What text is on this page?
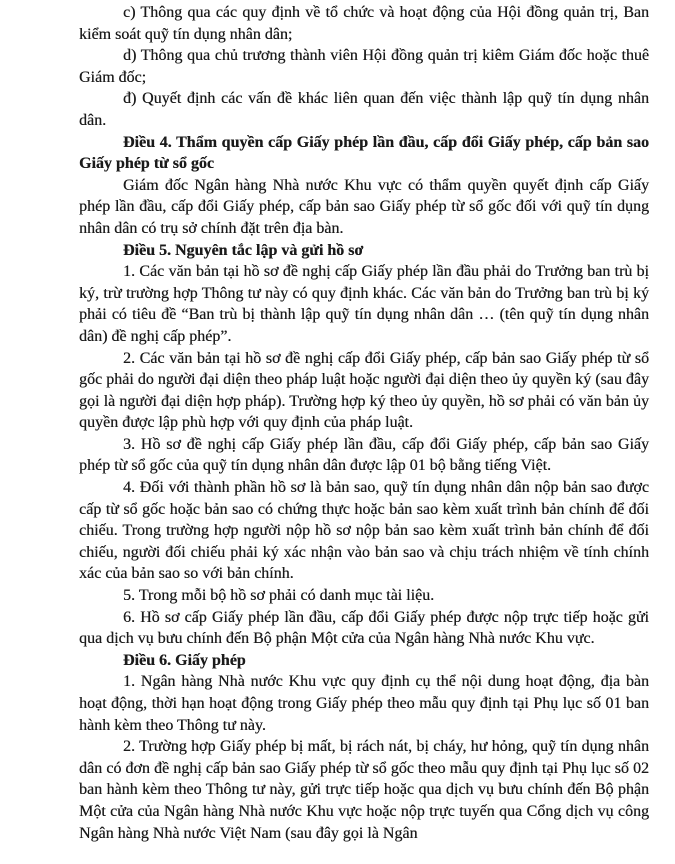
c) Thông qua các quy định về tổ chức và hoạt động của Hội đồng quản trị, Ban kiểm soát quỹ tín dụng nhân dân;

d) Thông qua chủ trương thành viên Hội đồng quản trị kiêm Giám đốc hoặc thuê Giám đốc;

đ) Quyết định các vấn đề khác liên quan đến việc thành lập quỹ tín dụng nhân dân.

Điều 4. Thẩm quyền cấp Giấy phép lần đầu, cấp đổi Giấy phép, cấp bản sao Giấy phép từ sổ gốc

Giám đốc Ngân hàng Nhà nước Khu vực có thẩm quyền quyết định cấp Giấy phép lần đầu, cấp đổi Giấy phép, cấp bản sao Giấy phép từ sổ gốc đối với quỹ tín dụng nhân dân có trụ sở chính đặt trên địa bàn.

Điều 5. Nguyên tắc lập và gửi hồ sơ

1. Các văn bản tại hồ sơ đề nghị cấp Giấy phép lần đầu phải do Trưởng ban trù bị ký, trừ trường hợp Thông tư này có quy định khác. Các văn bản do Trưởng ban trù bị ký phải có tiêu đề “Ban trù bị thành lập quỹ tín dụng nhân dân … (tên quỹ tín dụng nhân dân) đề nghị cấp phép”.

2. Các văn bản tại hồ sơ đề nghị cấp đổi Giấy phép, cấp bản sao Giấy phép từ sổ gốc phải do người đại diện theo pháp luật hoặc người đại diện theo ủy quyền ký (sau đây gọi là người đại diện hợp pháp). Trường hợp ký theo ủy quyền, hồ sơ phải có văn bản ủy quyền được lập phù hợp với quy định của pháp luật.

3. Hồ sơ đề nghị cấp Giấy phép lần đầu, cấp đổi Giấy phép, cấp bản sao Giấy phép từ sổ gốc của quỹ tín dụng nhân dân được lập 01 bộ bằng tiếng Việt.

4. Đối với thành phần hồ sơ là bản sao, quỹ tín dụng nhân dân nộp bản sao được cấp từ sổ gốc hoặc bản sao có chứng thực hoặc bản sao kèm xuất trình bản chính để đối chiếu. Trong trường hợp người nộp hồ sơ nộp bản sao kèm xuất trình bản chính để đối chiếu, người đối chiếu phải ký xác nhận vào bản sao và chịu trách nhiệm về tính chính xác của bản sao so với bản chính.

5. Trong mỗi bộ hồ sơ phải có danh mục tài liệu.

6. Hồ sơ cấp Giấy phép lần đầu, cấp đổi Giấy phép được nộp trực tiếp hoặc gửi qua dịch vụ bưu chính đến Bộ phận Một cửa của Ngân hàng Nhà nước Khu vực.

Điều 6. Giấy phép

1. Ngân hàng Nhà nước Khu vực quy định cụ thể nội dung hoạt động, địa bàn hoạt động, thời hạn hoạt động trong Giấy phép theo mẫu quy định tại Phụ lục số 01 ban hành kèm theo Thông tư này.

2. Trường hợp Giấy phép bị mất, bị rách nát, bị cháy, hư hỏng, quỹ tín dụng nhân dân có đơn đề nghị cấp bản sao Giấy phép từ sổ gốc theo mẫu quy định tại Phụ lục số 02 ban hành kèm theo Thông tư này, gửi trực tiếp hoặc qua dịch vụ bưu chính đến Bộ phận Một cửa của Ngân hàng Nhà nước Khu vực hoặc nộp trực tuyến qua Cổng dịch vụ công Ngân hàng Nhà nước Việt Nam (sau đây gọi là Ngân
